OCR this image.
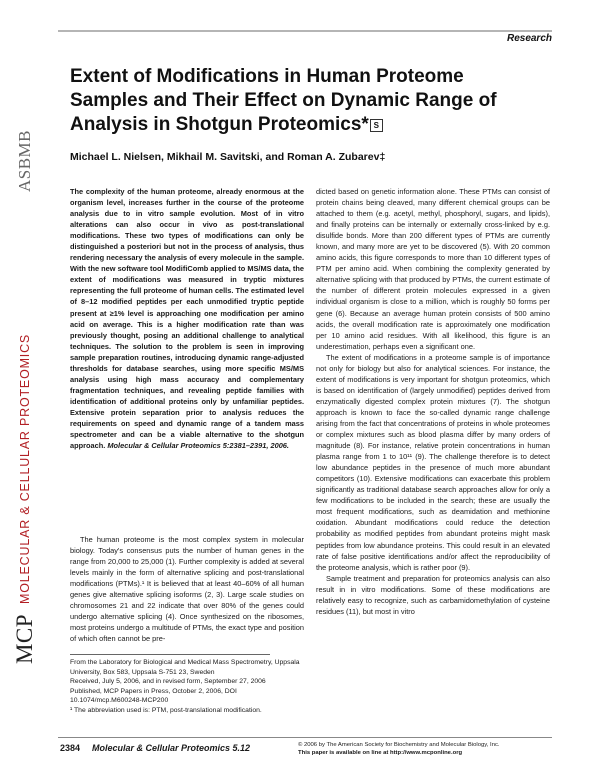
Research
ASBMB
MCP
MOLECULAR & CELLULAR PROTEOMICS
Extent of Modifications in Human Proteome Samples and Their Effect on Dynamic Range of Analysis in Shotgun Proteomics* S
Michael L. Nielsen, Mikhail M. Savitski, and Roman A. Zubarev‡

The complexity of the human proteome, already enormous at the organism level, increases further in the course of the proteome analysis due to in vitro sample evolution. Most of in vitro alterations can also occur in vivo as post-translational modifications. These two types of modifications can only be distinguished a posteriori but not in the process of analysis, thus rendering necessary the analysis of every molecule in the sample. With the new software tool ModifiComb applied to MS/MS data, the extent of modifications was measured in tryptic mixtures representing the full proteome of human cells. The estimated level of 8–12 modified peptides per each unmodified tryptic peptide present at ≥1% level is approaching one modification per amino acid on average. This is a higher modification rate than was previously thought, posing an additional challenge to analytical techniques. The solution to the problem is seen in improving sample preparation routines, introducing dynamic range-adjusted thresholds for database searches, using more specific MS/MS analysis using high mass accuracy and complementary fragmentation techniques, and revealing peptide families with identification of additional proteins only by unfamiliar peptides. Extensive protein separation prior to analysis reduces the requirements on speed and dynamic range of a tandem mass spectrometer and can be a viable alternative to the shotgun approach. Molecular & Cellular Proteomics 5:2381–2391, 2006.

The human proteome is the most complex system in molecular biology. Today's consensus puts the number of human genes in the range from 20,000 to 25,000 (1). Further complexity is added at several levels mainly in the form of alternative splicing and post-translational modifications (PTMs).¹ It is believed that at least 40–60% of all human genes give alternative splicing isoforms (2, 3). Large scale studies on chromosomes 21 and 22 indicate that over 80% of the genes could undergo alternative splicing (4). Once synthesized on the ribosomes, most proteins undergo a multitude of PTMs, the exact type and position of which often cannot be pre-

From the Laboratory for Biological and Medical Mass Spectrometry, Uppsala University, Box 583, Uppsala S-751 23, Sweden

Received, July 5, 2006, and in revised form, September 27, 2006

Published, MCP Papers in Press, October 2, 2006, DOI 10.1074/mcp.M600248-MCP200

¹ The abbreviation used is: PTM, post-translational modification.

dicted based on genetic information alone. These PTMs can consist of protein chains being cleaved, many different chemical groups can be attached to them (e.g. acetyl, methyl, phosphoryl, sugars, and lipids), and finally proteins can be internally or externally cross-linked by e.g. disulfide bonds. More than 200 different types of PTMs are currently known, and many more are yet to be discovered (5). With 20 common amino acids, this figure corresponds to more than 10 different types of PTM per amino acid. When combining the complexity generated by alternative splicing with that produced by PTMs, the current estimate of the number of different protein molecules expressed in a given individual organism is close to a million, which is roughly 50 forms per gene (6). Because an average human protein consists of 500 amino acids, the overall modification rate is approximately one modification per 10 amino acid residues. With all likelihood, this figure is an underestimation, perhaps even a significant one.

The extent of modifications in a proteome sample is of importance not only for biology but also for analytical sciences. For instance, the extent of modifications is very important for shotgun proteomics, which is based on identification of (largely unmodified) peptides derived from enzymatically digested complex protein mixtures (7). The shotgun approach is known to face the so-called dynamic range challenge arising from the fact that concentrations of proteins in whole proteomes or complex mixtures such as blood plasma differ by many orders of magnitude (8). For instance, relative protein concentrations in human plasma range from 1 to 10¹¹ (9). The challenge therefore is to detect low abundance peptides in the presence of much more abundant competitors (10). Extensive modifications can exacerbate this problem significantly as traditional database search approaches allow for only a few modifications to be included in the search; these are usually the most frequent modifications, such as deamidation and methionine oxidation. Abundant modifications could reduce the detection probability as modified peptides from abundant proteins might mask peptides from low abundance proteins. This could result in an elevated rate of false positive identifications and/or affect the reproducibility of the proteome analysis, which is rather poor (9).

Sample treatment and preparation for proteomics analysis can also result in in vitro modifications. Some of these modifications are relatively easy to recognize, such as carbamidomethylation of cysteine residues (11), but most in vitro

2384 Molecular & Cellular Proteomics 5.12	© 2006 by The American Society for Biochemistry and Molecular Biology, Inc.
This paper is available on line at http://www.mcponline.org
